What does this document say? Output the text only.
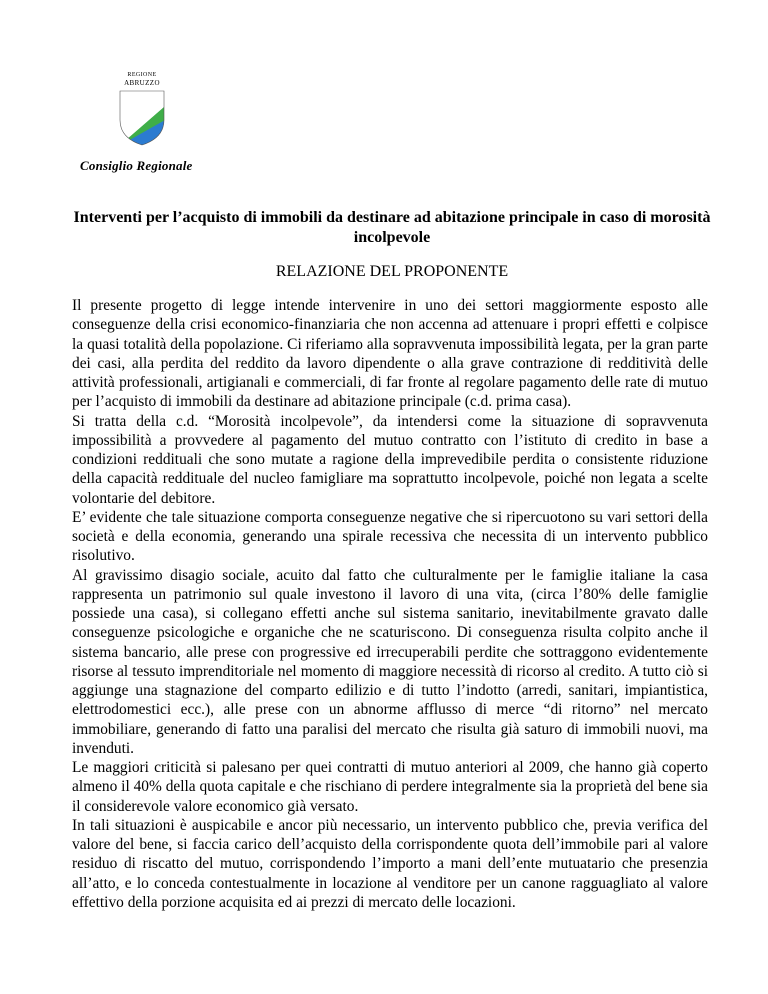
REGIONE
ABRUZZO
Consiglio Regionale
Interventi per l’acquisto di immobili da destinare ad abitazione principale in caso di morosità incolpevole
RELAZIONE DEL PROPONENTE

Il presente progetto di legge intende intervenire in uno dei settori maggiormente esposto alle conseguenze della crisi economico-finanziaria che non accenna ad attenuare i propri effetti e colpisce la quasi totalità della popolazione. Ci riferiamo alla sopravvenuta impossibilità legata, per la gran parte dei casi, alla perdita del reddito da lavoro dipendente o alla grave contrazione di redditività delle attività professionali, artigianali e commerciali, di far fronte al regolare pagamento delle rate di mutuo per l’acquisto di immobili da destinare ad abitazione principale (c.d. prima casa).

Si tratta della c.d. “Morosità incolpevole”, da intendersi come la situazione di sopravvenuta impossibilità a provvedere al pagamento del mutuo contratto con l’istituto di credito in base a condizioni reddituali che sono mutate a ragione della imprevedibile perdita o consistente riduzione della capacità reddituale del nucleo famigliare ma soprattutto incolpevole, poiché non legata a scelte volontarie del debitore.

E’ evidente che tale situazione comporta conseguenze negative che si ripercuotono su vari settori della società e della economia, generando una spirale recessiva che necessita di un intervento pubblico risolutivo.

Al gravissimo disagio sociale, acuito dal fatto che culturalmente per le famiglie italiane la casa rappresenta un patrimonio sul quale investono il lavoro di una vita, (circa l’80% delle famiglie possiede una casa), si collegano effetti anche sul sistema sanitario, inevitabilmente gravato dalle conseguenze psicologiche e organiche che ne scaturiscono. Di conseguenza risulta colpito anche il sistema bancario, alle prese con progressive ed irrecuperabili perdite che sottraggono evidentemente risorse al tessuto imprenditoriale nel momento di maggiore necessità di ricorso al credito. A tutto ciò si aggiunge una stagnazione del comparto edilizio e di tutto l’indotto (arredi, sanitari, impiantistica, elettrodomestici ecc.), alle prese con un abnorme afflusso di merce “di ritorno” nel mercato immobiliare, generando di fatto una paralisi del mercato che risulta già saturo di immobili nuovi, ma invenduti.

Le maggiori criticità si palesano per quei contratti di mutuo anteriori al 2009, che hanno già coperto almeno il 40% della quota capitale e che rischiano di perdere integralmente sia la proprietà del bene sia il considerevole valore economico già versato.

In tali situazioni è auspicabile e ancor più necessario, un intervento pubblico che, previa verifica del valore del bene, si faccia carico dell’acquisto della corrispondente quota dell’immobile pari al valore residuo di riscatto del mutuo, corrispondendo l’importo a mani dell’ente mutuatario che presenzia all’atto, e lo conceda contestualmente in locazione al venditore per un canone ragguagliato al valore effettivo della porzione acquisita ed ai prezzi di mercato delle locazioni.
